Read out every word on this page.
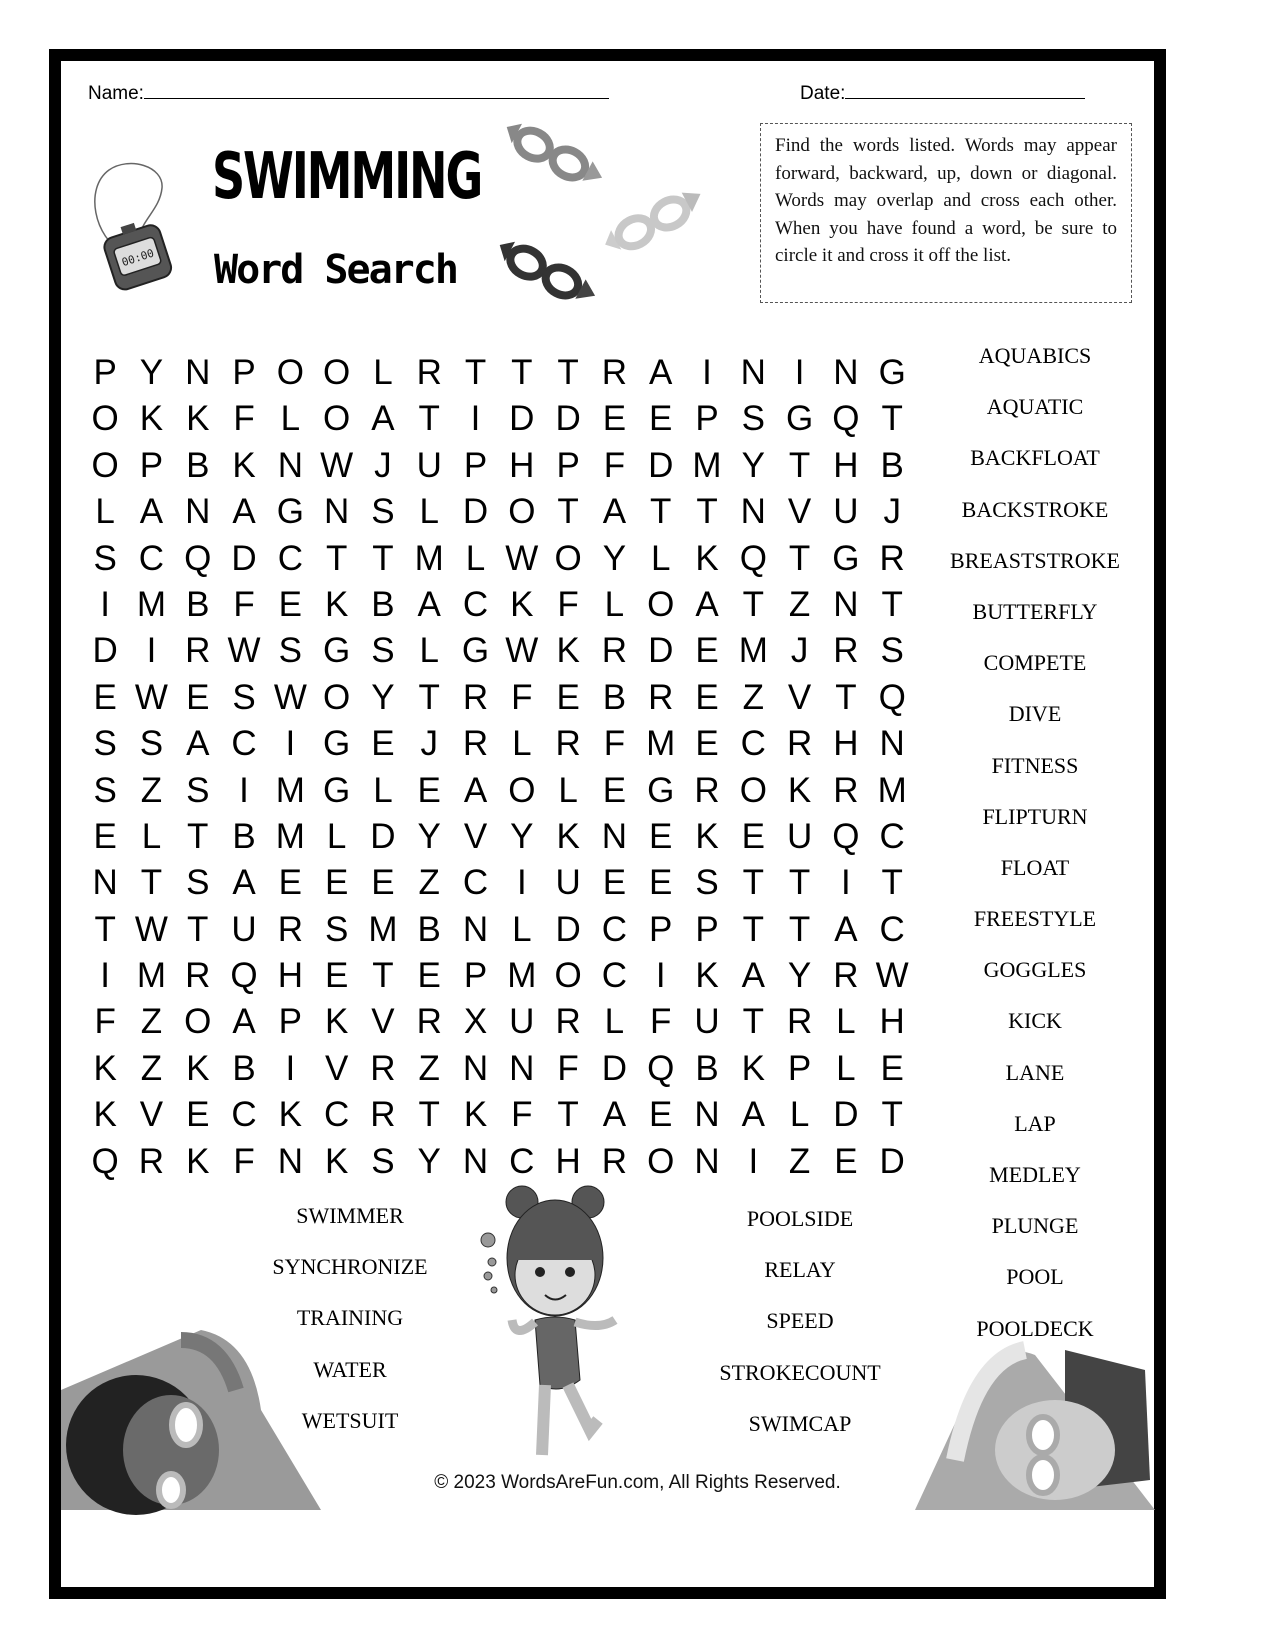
Name:	Date:
00:00
SWIMMING
Word Search
Find the words listed. Words may appear forward, backward, up, down or diagonal. Words may overlap and cross each other. When you have found a word, be sure to circle it and cross it off the list.
P Y N P O O L R T T T R A I N I N G
O K K F L O A T I D D E E P S G Q T
O P B K N W J U P H P F D M Y T H B
L A N A G N S L D O T A T T N V U J
S C Q D C T T M L W O Y L K Q T G R
I M B F E K B A C K F L O A T Z N T
D I R W S G S L G W K R D E M J R S
E W E S W O Y T R F E B R E Z V T Q
S S A C I G E J R L R F M E C R H N
S Z S I M G L E A O L E G R O K R M
E L T B M L D Y V Y K N E K E U Q C
N T S A E E E Z C I U E E S T T I T
T W T U R S M B N L D C P P T T A C
I M R Q H E T E P M O C I K A Y R W
F Z O A P K V R X U R L F U T R L H
K Z K B I V R Z N N F D Q B K P L E
K V E C K C R T K F T A E N A L D T
Q R K F N K S Y N C H R O N I Z E D
AQUABICS
AQUATIC
BACKFLOAT
BACKSTROKE
BREASTSTROKE
BUTTERFLY
COMPETE
DIVE
FITNESS
FLIPTURN
FLOAT
FREESTYLE
GOGGLES
KICK
LANE
LAP
MEDLEY
PLUNGE
POOL
POOLDECK
SWIMMER
SYNCHRONIZE
TRAINING
WATER
WETSUIT
POOLSIDE
RELAY
SPEED
STROKECOUNT
SWIMCAP
© 2023 WordsAreFun.com, All Rights Reserved.
